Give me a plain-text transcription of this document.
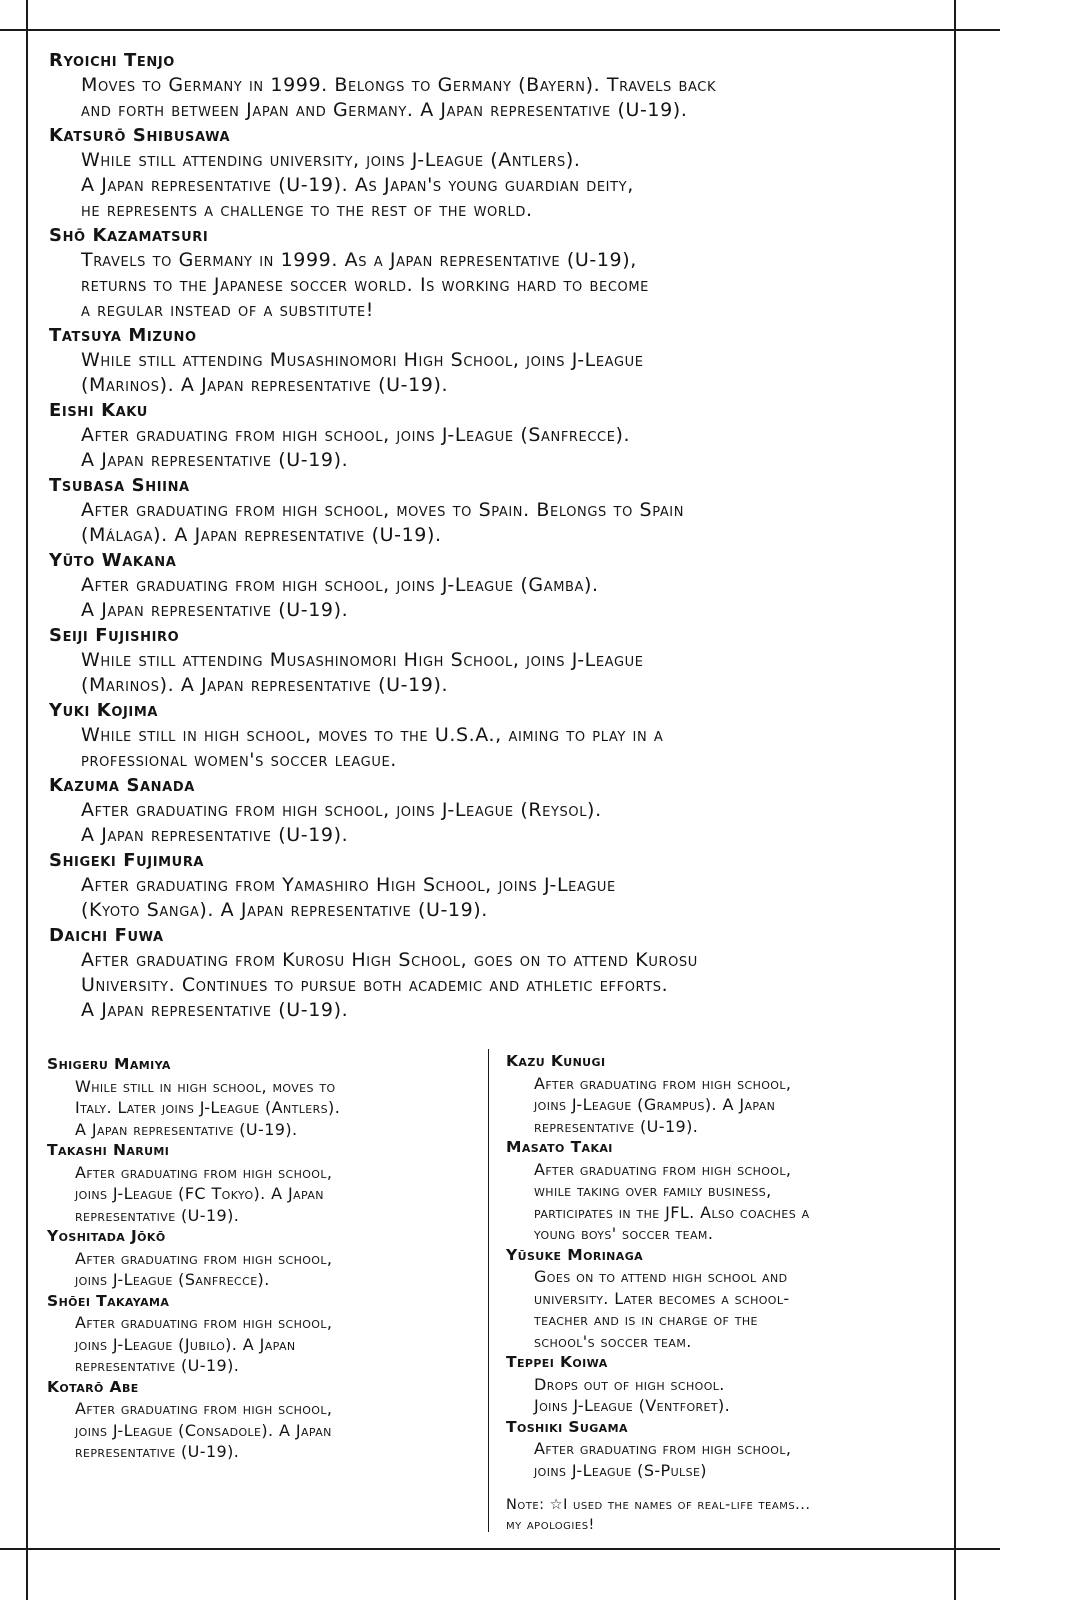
Ryoichi Tenjo
Moves to Germany in 1999. Belongs to Germany (Bayern). Travels back
and forth between Japan and Germany. A Japan representative (U-19).
Katsurō Shibusawa
While still attending university, joins J-League (Antlers).
A Japan representative (U-19). As Japan's young guardian deity,
he represents a challenge to the rest of the world.
Shō Kazamatsuri
Travels to Germany in 1999. As a Japan representative (U-19),
returns to the Japanese soccer world. Is working hard to become
a regular instead of a substitute!
Tatsuya Mizuno
While still attending Musashinomori High School, joins J-League
(Marinos). A Japan representative (U-19).
Eishi Kaku
After graduating from high school, joins J-League (Sanfrecce).
A Japan representative (U-19).
Tsubasa Shiina
After graduating from high school, moves to Spain. Belongs to Spain
(Málaga). A Japan representative (U-19).
Yūto Wakana
After graduating from high school, joins J-League (Gamba).
A Japan representative (U-19).
Seiji Fujishiro
While still attending Musashinomori High School, joins J-League
(Marinos). A Japan representative (U-19).
Yuki Kojima
While still in high school, moves to the U.S.A., aiming to play in a
professional women's soccer league.
Kazuma Sanada
After graduating from high school, joins J-League (Reysol).
A Japan representative (U-19).
Shigeki Fujimura
After graduating from Yamashiro High School, joins J-League
(Kyoto Sanga). A Japan representative (U-19).
Daichi Fuwa
After graduating from Kurosu High School, goes on to attend Kurosu
University. Continues to pursue both academic and athletic efforts.
A Japan representative (U-19).
Shigeru Mamiya
While still in high school, moves to
Italy. Later joins J-League (Antlers).
A Japan representative (U-19).
Takashi Narumi
After graduating from high school,
joins J-League (FC Tokyo). A Japan
representative (U-19).
Yoshitada Jōkō
After graduating from high school,
joins J-League (Sanfrecce).
Shōei Takayama
After graduating from high school,
joins J-League (Jubilo). A Japan
representative (U-19).
Kotarō Abe
After graduating from high school,
joins J-League (Consadole). A Japan
representative (U-19).
Kazu Kunugi
After graduating from high school,
joins J-League (Grampus). A Japan
representative (U-19).
Masato Takai
After graduating from high school,
while taking over family business,
participates in the JFL. Also coaches a
young boys' soccer team.
Yūsuke Morinaga
Goes on to attend high school and
university. Later becomes a school-
teacher and is in charge of the
school's soccer team.
Teppei Koiwa
Drops out of high school.
Joins J-League (Ventforet).
Toshiki Sugama
After graduating from high school,
joins J-League (S-Pulse)
Note: ☆I used the names of real-life teams...
my apologies!
